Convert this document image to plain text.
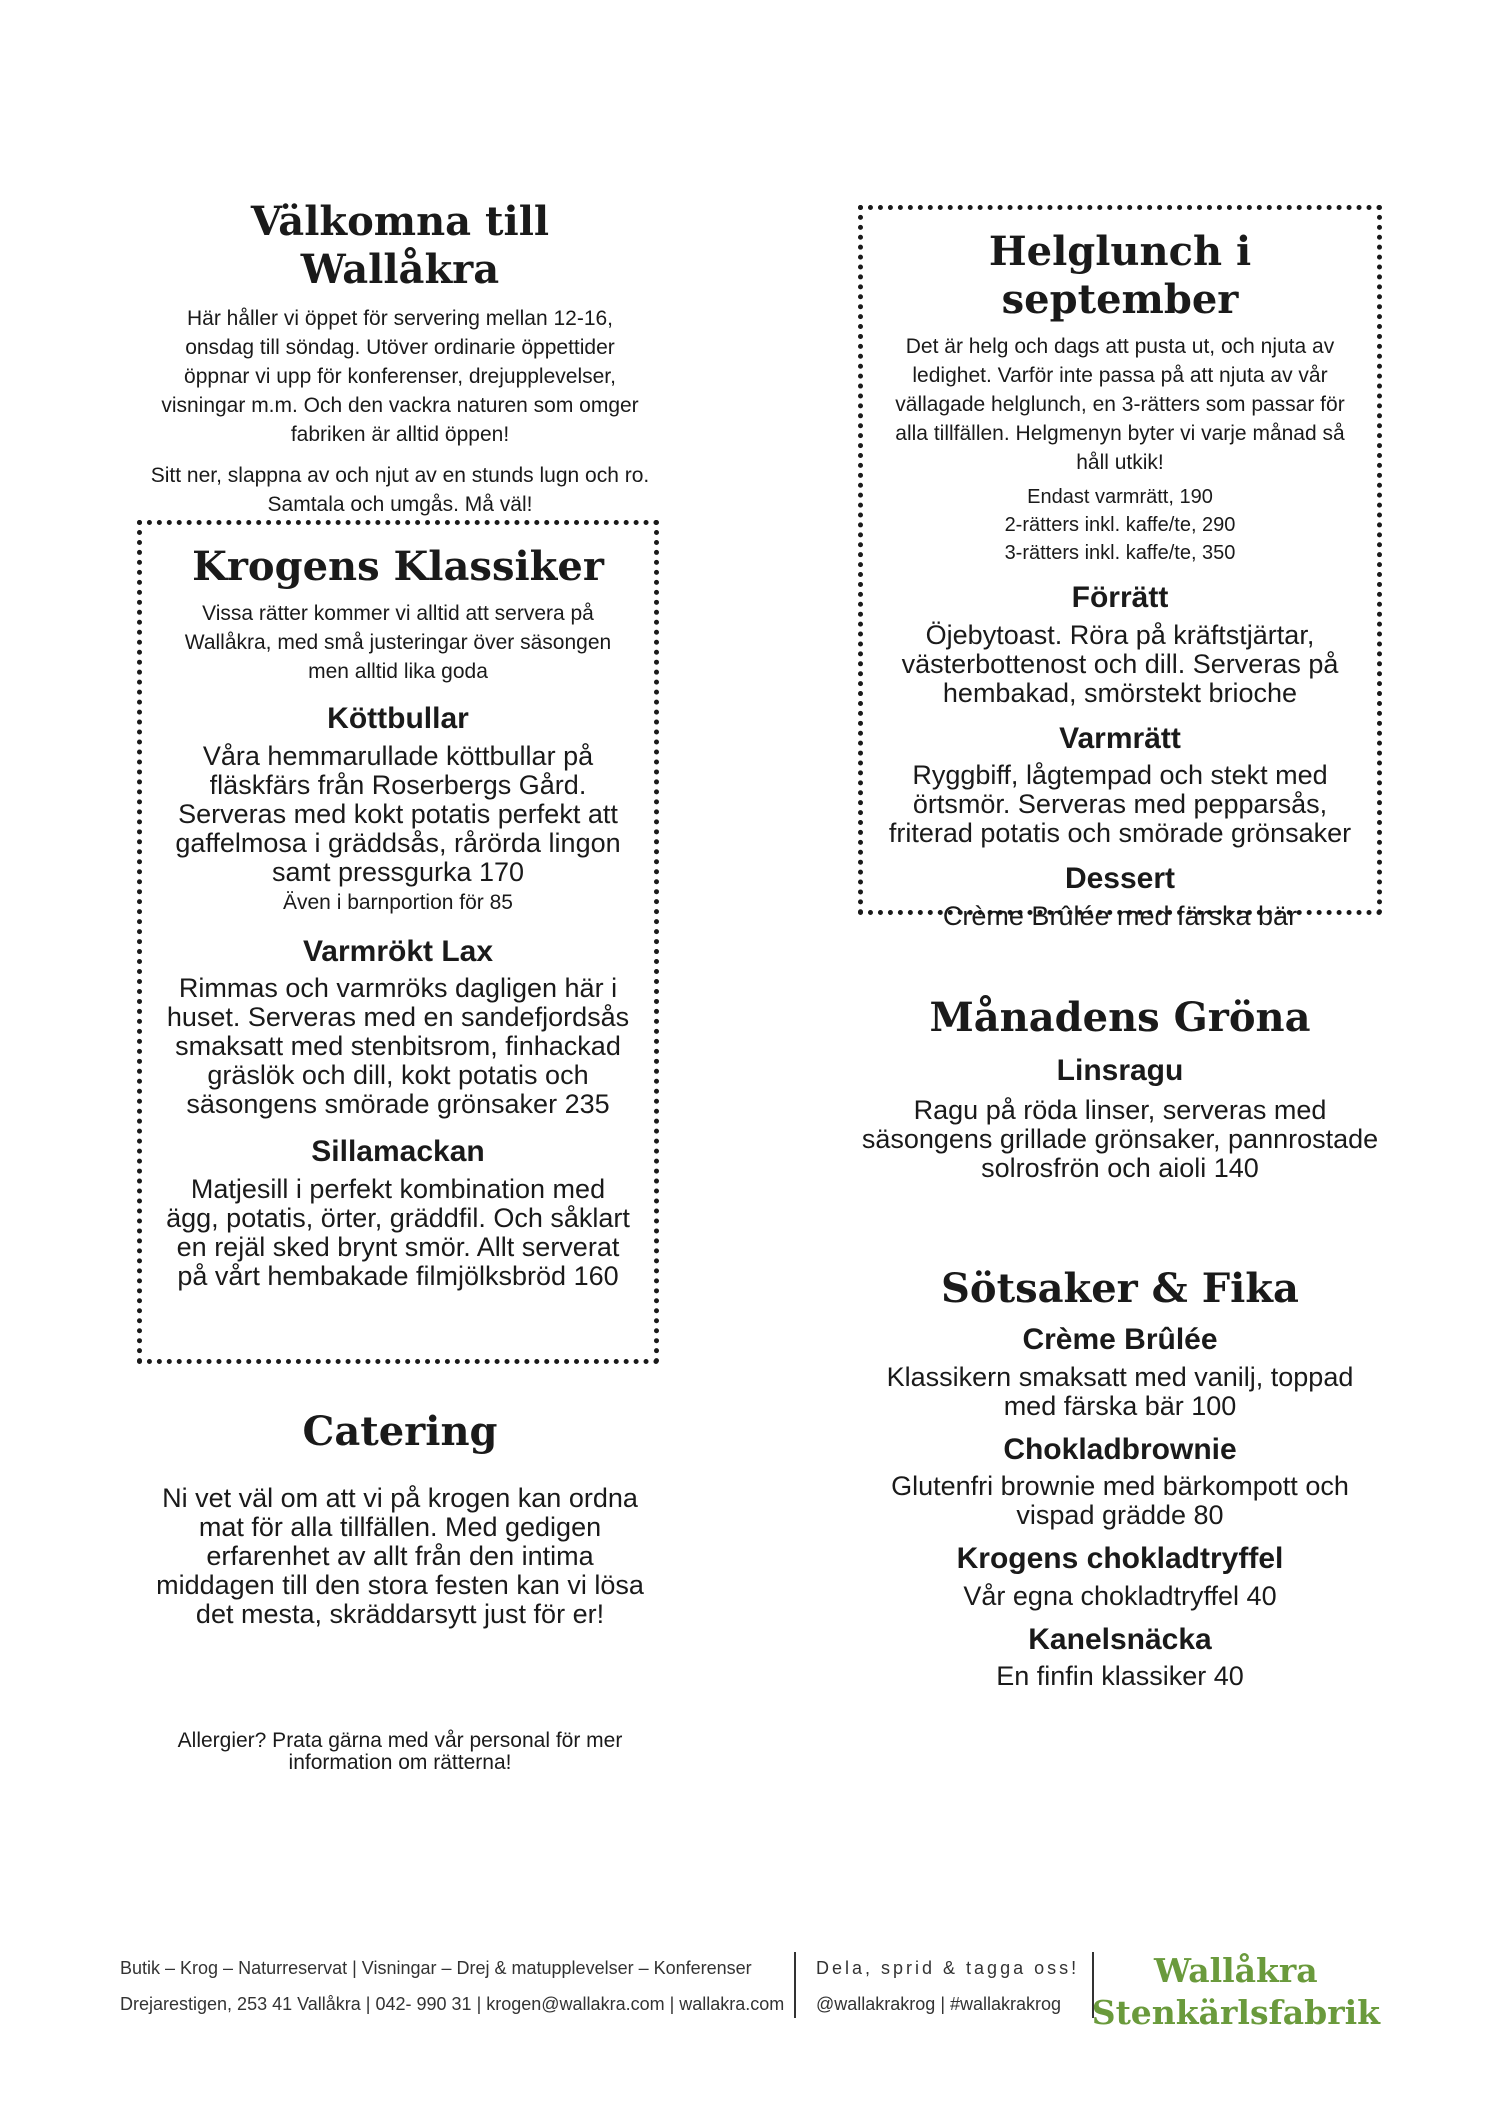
Välkomna till Wallåkra

Här håller vi öppet för servering mellan 12-16, onsdag till söndag. Utöver ordinarie öppettider öppnar vi upp för konferenser, drejupplevelser, visningar m.m. Och den vackra naturen som omger fabriken är alltid öppen!

Sitt ner, slappna av och njut av en stunds lugn och ro. Samtala och umgås. Må väl!

Krogens Klassiker

Vissa rätter kommer vi alltid att servera på Wallåkra, med små justeringar över säsongen men alltid lika goda

Köttbullar

Våra hemmarullade köttbullar på fläskfärs från Roserbergs Gård. Serveras med kokt potatis perfekt att gaffelmosa i gräddsås, rårörda lingon samt pressgurka 170

Även i barnportion för 85

Varmrökt Lax

Rimmas och varmröks dagligen här i huset. Serveras med en sandefjordsås smaksatt med stenbitsrom, finhackad gräslök och dill, kokt potatis och säsongens smörade grönsaker 235

Sillamackan

Matjesill i perfekt kombination med ägg, potatis, örter, gräddfil. Och såklart en rejäl sked brynt smör. Allt serverat på vårt hembakade filmjölksbröd 160

Catering

Ni vet väl om att vi på krogen kan ordna mat för alla tillfällen. Med gedigen erfarenhet av allt från den intima middagen till den stora festen kan vi lösa det mesta, skräddarsytt just för er!

Allergier? Prata gärna med vår personal för mer information om rätterna!
Helglunch i september

Det är helg och dags att pusta ut, och njuta av ledighet. Varför inte passa på att njuta av vår vällagade helglunch, en 3-rätters som passar för alla tillfällen. Helgmenyn byter vi varje månad så håll utkik!

Endast varmrätt, 190
2-rätters inkl. kaffe/te, 290
3-rätters inkl. kaffe/te, 350
Förrätt

Öjebytoast. Röra på kräftstjärtar, västerbottenost och dill. Serveras på hembakad, smörstekt brioche

Varmrätt

Ryggbiff, lågtempad och stekt med örtsmör. Serveras med pepparsås, friterad potatis och smörade grönsaker

Dessert

Crème Brûlée med färska bär

Månadens Gröna
Linsragu

Ragu på röda linser, serveras med säsongens grillade grönsaker, pannrostade solrosfrön och aioli 140

Sötsaker & Fika
Crème Brûlée

Klassikern smaksatt med vanilj, toppad med färska bär 100

Chokladbrownie

Glutenfri brownie med bärkompott och vispad grädde 80

Krogens chokladtryffel

Vår egna chokladtryffel 40

Kanelsnäcka

En finfin klassiker 40

Butik – Krog – Naturreservat | Visningar – Drej & matupplevelser – Konferenser
Drejarestigen, 253 41 Vallåkra | 042- 990 31 | krogen@wallakra.com | wallakra.com
Dela, sprid & tagga oss!
@wallakrakrog | #wallakrakrog
Wallåkra
Stenkärlsfabrik
